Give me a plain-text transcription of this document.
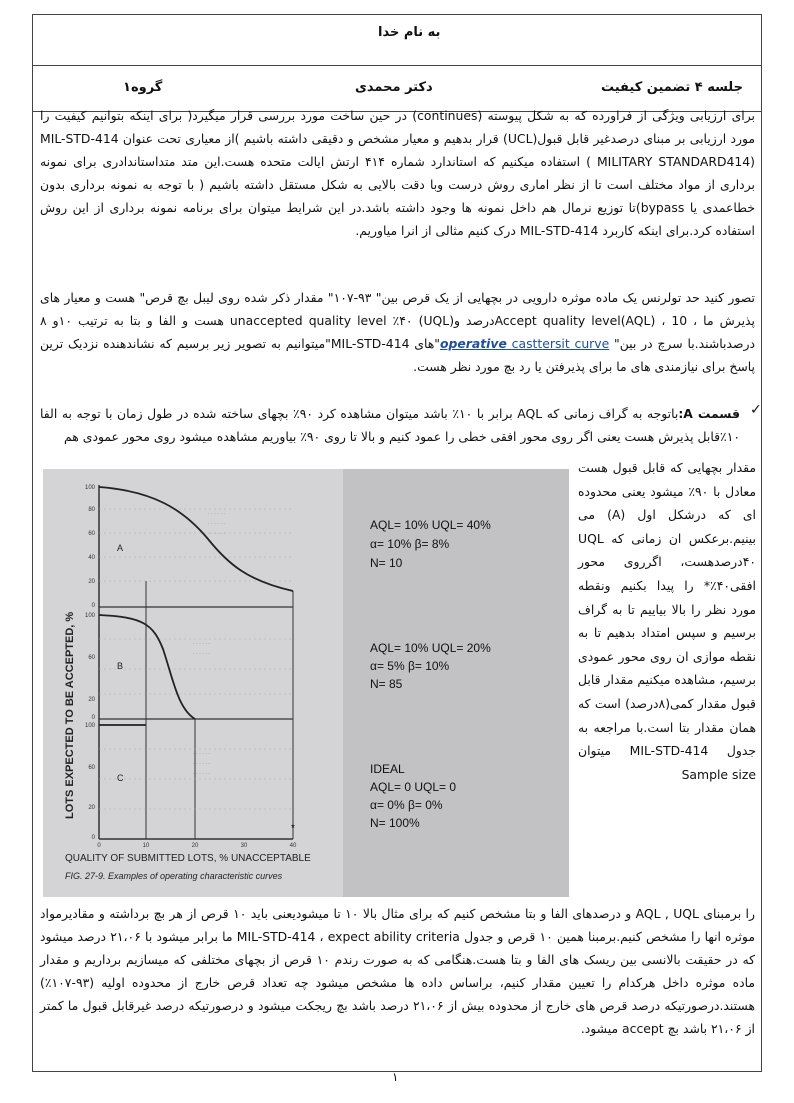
به نام خدا
جلسه ۴ تضمین کیفیت
دکتر محمدی
گروه۱
برای ارزیابی ویژگی از فراورده که به شکل پیوسته (continues) در حین ساخت مورد بررسی قرار میگیرد( برای اینکه بتوانیم کیفیت را مورد ارزیابی بر مبنای درصدغیر قابل قبول(UCL) قرار بدهیم و معیار مشخص و دقیقی داشته باشیم )از معیاری تحت عنوان MIL-STD-414 ( MILITARY STANDARD414) استفاده میکنیم که استاندارد شماره ۴۱۴ ارتش ایالت متحده هست.این متد متداستاندادری برای نمونه برداری از مواد مختلف است تا از نظر اماری روش درست وبا دقت بالایی به شکل مستقل داشته باشیم ( با توجه به نمونه برداری بدون خطاعمدی یا bypass)تا توزیع نرمال هم داخل نمونه ها وجود داشته باشد.در این شرایط میتوان برای برنامه نمونه برداری از این روش استفاده کرد.برای اینکه کاربرد MIL-STD-414 درک کنیم مثالی از انرا میاوریم.
تصور کنید حد تولرنس یک ماده موثره دارویی در بچهایی از یک قرص بین" ۹۳-۱۰۷" مقدار ذکر شده روی لیبل بچ قرص" هست و معیار های پذیرش ما ، Accept quality level(AQL) ، 10درصد و(UQL) unaccepted quality level ٪۴۰ هست و الفا و بتا به ترتیب ۱۰و ۸ درصدباشند.با سرچ در بین" operative casttersit curve"های MIL-STD-414"میتوانیم به تصویر زیر برسیم که نشاندهنده نزدیک ترین پاسخ برای نیازمندی های ما برای پذیرفتن یا رد بچ مورد نظر هست.
✓
قسمت A:باتوجه به گراف زمانی که AQL برابر با ۱۰٪ باشد میتوان مشاهده کرد ۹۰٪ بچهای ساخته شده در طول زمان با توجه به الفا ۱۰٪قابل پذیرش هست یعنی اگر روی محور افقی خطی را عمود کنیم و بالا تا روی ۹۰٪ بیاوریم مشاهده میشود روی محور عمودی هم
مقدار بچهایی که قابل قبول هست معادل با ۹۰٪ میشود یعنی محدوده ای که درشکل اول (A) می بینیم.برعکس ان زمانی که UQL ۴۰درصدهست، اگرروی محور افقی۴۰٪* را پیدا بکنیم ونقطه مورد نظر را بالا بیاییم تا به گراف برسیم و سپس امتداد بدهیم تا به نقطه موازی ان روی محور عمودی برسیم، مشاهده میکنیم مقدار قابل قبول مقدار کمی(۸درصد) است که همان مقدار بتا است.با مراجعه به جدول MIL-STD-414 میتوان Sample size
· · · · · ·
· · · · · ·
· · · · · ·
· · · · · ·
· · · · · ·
· · · · · ·
· · · · · ·
· · · · · ·
100
80
60
40
20
0
100
60
20
0
100
60
20
0
0	10	20	30	40
*
A
B
C
LOTS EXPECTED TO BE ACCEPTED, %
QUALITY OF SUBMITTED LOTS, % UNACCEPTABLE
FIG. 27-9. Examples of operating characteristic curves
AQL= 10% UQL= 40%
α= 10% β= 8%
N= 10
AQL= 10% UQL= 20%
α= 5% β= 10%
N= 85
IDEAL
AQL= 0 UQL= 0
α= 0% β= 0%
N= 100%
را برمبنای AQL , UQL و درصدهای الفا و بتا مشخص کنیم که برای مثال بالا ۱۰ تا میشودیعنی باید ۱۰ قرص از هر بچ برداشته و مقادیرمواد موثره انها را مشخص کنیم.برمبنا همین ۱۰ قرص و جدول MIL-STD-414 ، expect ability criteria ما برابر میشود با ۲۱،۰۶ درصد میشود که در حقیقت بالانسی بین ریسک های الفا و بتا هست.هنگامی که به صورت رندم ۱۰ قرص از بچهای مختلفی که میسازیم برداریم و مقدار ماده موثره داخل هرکدام را تعیین مقدار کنیم، براساس داده ها مشخص میشود چه تعداد قرص خارج از محدوده اولیه (۹۳-۱۰۷٪) هستند.درصورتیکه درصد قرص های خارج از محدوده بیش از ۲۱،۰۶ درصد باشد بچ ریجکت میشود و درصورتیکه درصد غیرقابل قبول ما کمتر از ۲۱،۰۶ باشد بچ accept میشود.
۱
